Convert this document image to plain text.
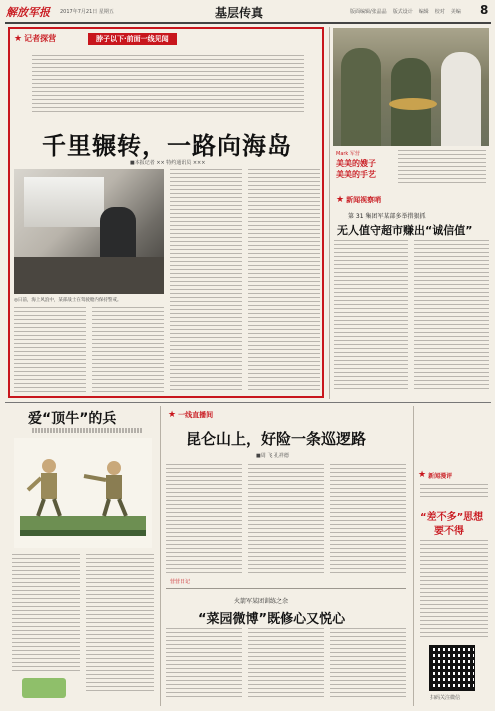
解放军报 2017年7月21日 星期五	基层传真	8
版面编辑/张晶晶 版式设计 编辑 校对 美编
★ 记者探营	脖子以下·前面一线见闻
千里辗转，一路向海岛
■本报记者 ×× 特约通讯员 ×××
◎日前，海上风浪中，某部战士在驾驶舱内保持警戒。
Mark 军营
美美的嫂子
美美的手艺
★ 新闻视察哨
第 31 集团军某部多举措狠抓
无人值守超市赚出“诚信值”
爱“顶牛”的兵	★ 一线直播间
昆仑山上，好险一条巡逻路
■周 飞 孔祥德
营营日记
火箭军某团训练之余
“菜园微博”既修心又悦心
★ 新闻漫评
“差不多”思想
要不得
扫码关注微信
